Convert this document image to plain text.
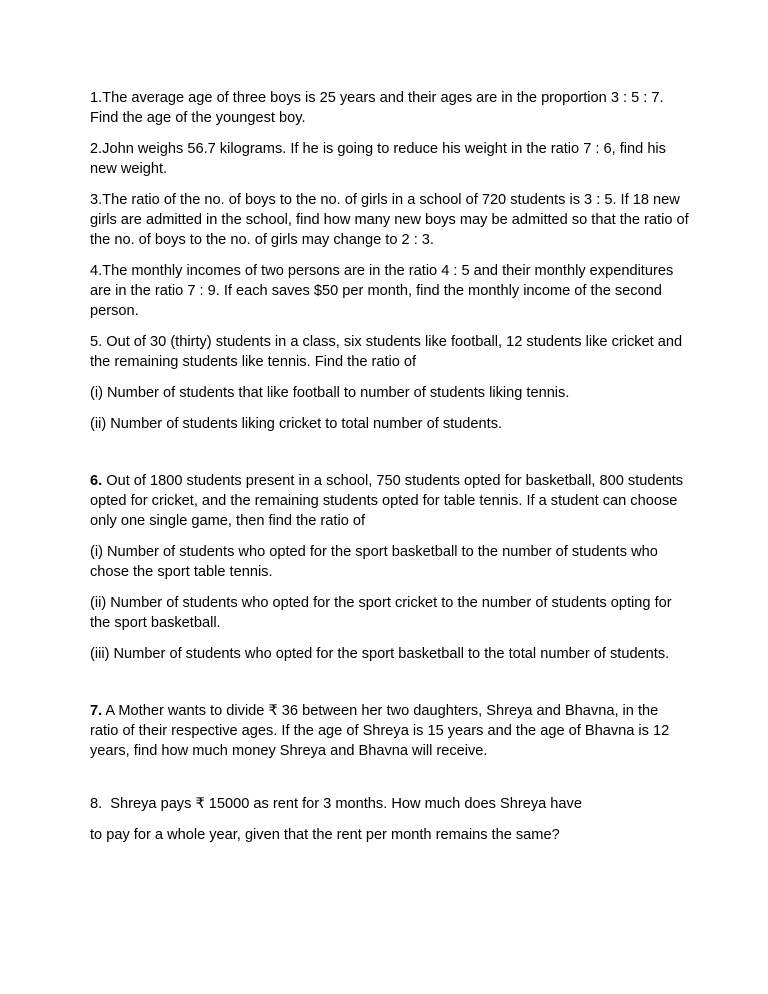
1.The average age of three boys is 25 years and their ages are in the proportion 3 : 5 : 7. Find the age of the youngest boy.

2.John weighs 56.7 kilograms. If he is going to reduce his weight in the ratio 7 : 6, find his new weight.

3.The ratio of the no. of boys to the no. of girls in a school of 720 students is 3 : 5. If 18 new girls are admitted in the school, find how many new boys may be admitted so that the ratio of the no. of boys to the no. of girls may change to 2 : 3.

4.The monthly incomes of two persons are in the ratio 4 : 5 and their monthly expenditures are in the ratio 7 : 9. If each saves $50 per month, find the monthly income of the second person.

5. Out of 30 (thirty) students in a class, six students like football, 12 students like cricket and the remaining students like tennis. Find the ratio of

(i) Number of students that like football to number of students liking tennis.

(ii) Number of students liking cricket to total number of students.

6. Out of 1800 students present in a school, 750 students opted for basketball, 800 students opted for cricket, and the remaining students opted for table tennis. If a student can choose only one single game, then find the ratio of

(i) Number of students who opted for the sport basketball to the number of students who chose the sport table tennis.

(ii) Number of students who opted for the sport cricket to the number of students opting for the sport basketball.

(iii) Number of students who opted for the sport basketball to the total number of students.

7. A Mother wants to divide ₹ 36 between her two daughters, Shreya and Bhavna, in the ratio of their respective ages. If the age of Shreya is 15 years and the age of Bhavna is 12 years, find how much money Shreya and Bhavna will receive.

8.  Shreya pays ₹ 15000 as rent for 3 months. How much does Shreya have

to pay for a whole year, given that the rent per month remains the same?
